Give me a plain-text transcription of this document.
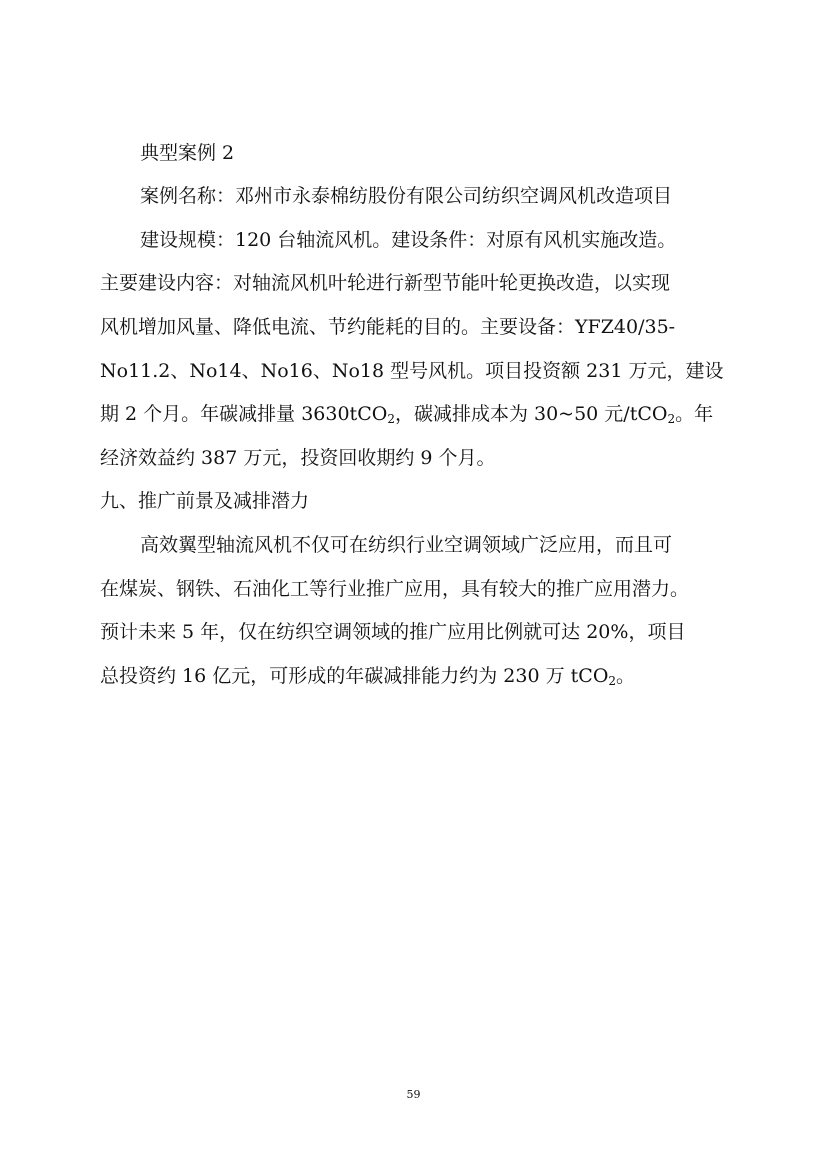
典型案例 2
案例名称：邓州市永泰棉纺股份有限公司纺织空调风机改造项目
建设规模：120 台轴流风机。建设条件：对原有风机实施改造。
主要建设内容：对轴流风机叶轮进行新型节能叶轮更换改造，以实现
风机增加风量、降低电流、节约能耗的目的。主要设备：YFZ40/35-
No11.2、No14、No16、No18 型号风机。项目投资额 231 万元，建设
期 2 个月。年碳减排量 3630tCO$_2$，碳减排成本为 30~50 元/tCO$_2$。年
经济效益约 387 万元，投资回收期约 9 个月。
九、推广前景及减排潜力
高效翼型轴流风机不仅可在纺织行业空调领域广泛应用，而且可
在煤炭、钢铁、石油化工等行业推广应用，具有较大的推广应用潜力。
预计未来 5 年，仅在纺织空调领域的推广应用比例就可达 20%，项目
总投资约 16 亿元，可形成的年碳减排能力约为 230 万 tCO$_2$。
59
